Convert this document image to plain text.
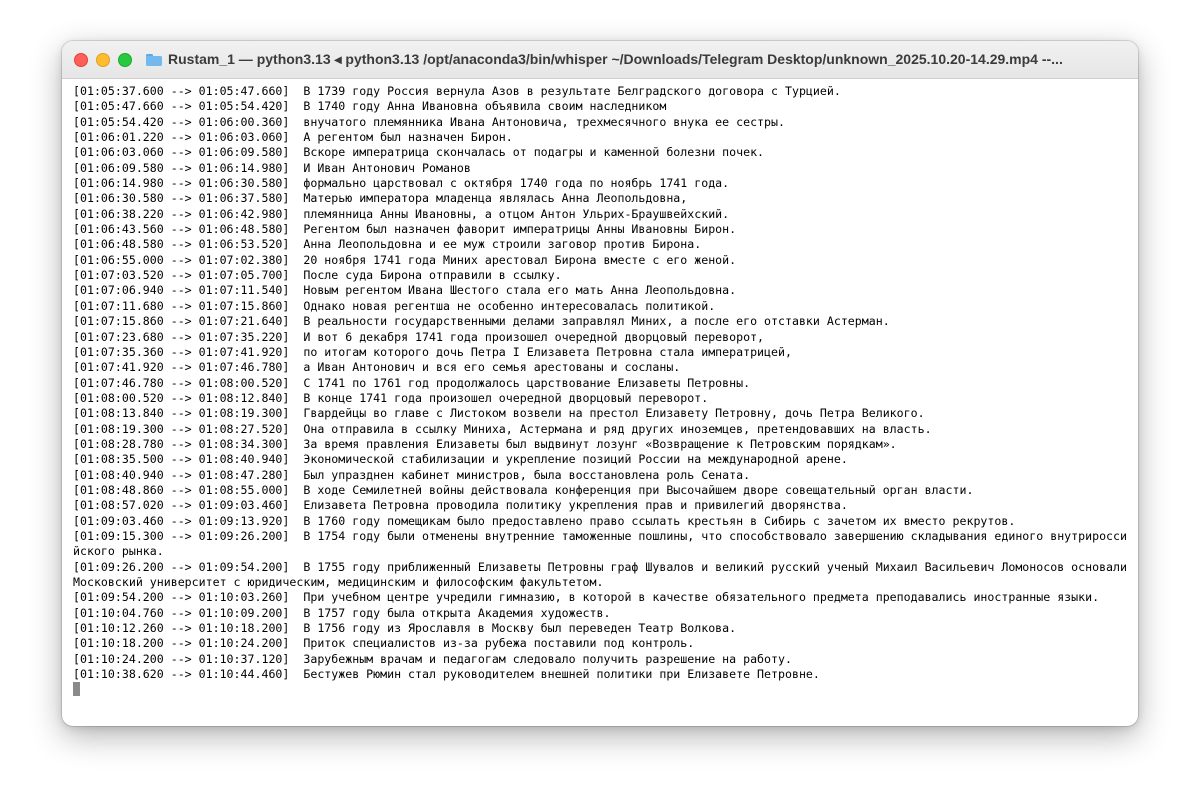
Rustam_1 — python3.13 ◂ python3.13 /opt/anaconda3/bin/whisper ~/Downloads/Telegram Desktop/unknown_2025.10.20-14.29.mp4 --...
[01:05:37.600 --> 01:05:47.660] В 1739 году Россия вернула Азов в результате Белградского договора с Турцией.
[01:05:47.660 --> 01:05:54.420] В 1740 году Анна Ивановна объявила своим наследником
[01:05:54.420 --> 01:06:00.360] внучатого племянника Ивана Антоновича, трехмесячного внука ее сестры.
[01:06:01.220 --> 01:06:03.060] А регентом был назначен Бирон.
[01:06:03.060 --> 01:06:09.580] Вскоре императрица скончалась от подагры и каменной болезни почек.
[01:06:09.580 --> 01:06:14.980] И Иван Антонович Романов
[01:06:14.980 --> 01:06:30.580] формально царствовал с октября 1740 года по ноябрь 1741 года.
[01:06:30.580 --> 01:06:37.580] Матерью императора младенца являлась Анна Леопольдовна,
[01:06:38.220 --> 01:06:42.980] племянница Анны Ивановны, а отцом Антон Ульрих-Браушвейхский.
[01:06:43.560 --> 01:06:48.580] Регентом был назначен фаворит императрицы Анны Ивановны Бирон.
[01:06:48.580 --> 01:06:53.520] Анна Леопольдовна и ее муж строили заговор против Бирона.
[01:06:55.000 --> 01:07:02.380] 20 ноября 1741 года Миних арестовал Бирона вместе с его женой.
[01:07:03.520 --> 01:07:05.700] После суда Бирона отправили в ссылку.
[01:07:06.940 --> 01:07:11.540] Новым регентом Ивана Шестого стала его мать Анна Леопольдовна.
[01:07:11.680 --> 01:07:15.860] Однако новая регентша не особенно интересовалась политикой.
[01:07:15.860 --> 01:07:21.640] В реальности государственными делами заправлял Миних, а после его отставки Астерман.
[01:07:23.680 --> 01:07:35.220] И вот 6 декабря 1741 года произошел очередной дворцовый переворот,
[01:07:35.360 --> 01:07:41.920] по итогам которого дочь Петра I Елизавета Петровна стала императрицей,
[01:07:41.920 --> 01:07:46.780] а Иван Антонович и вся его семья арестованы и сосланы.
[01:07:46.780 --> 01:08:00.520] С 1741 по 1761 год продолжалось царствование Елизаветы Петровны.
[01:08:00.520 --> 01:08:12.840] В конце 1741 года произошел очередной дворцовый переворот.
[01:08:13.840 --> 01:08:19.300] Гвардейцы во главе с Листоком возвели на престол Елизавету Петровну, дочь Петра Великого.
[01:08:19.300 --> 01:08:27.520] Она отправила в ссылку Миниха, Астермана и ряд других иноземцев, претендовавших на власть.
[01:08:28.780 --> 01:08:34.300] За время правления Елизаветы был выдвинут лозунг «Возвращение к Петровским порядкам».
[01:08:35.500 --> 01:08:40.940] Экономической стабилизации и укрепление позиций России на международной арене.
[01:08:40.940 --> 01:08:47.280] Был упразднен кабинет министров, была восстановлена роль Сената.
[01:08:48.860 --> 01:08:55.000] В ходе Семилетней войны действовала конференция при Высочайшем дворе совещательный орган власти.
[01:08:57.020 --> 01:09:03.460] Елизавета Петровна проводила политику укрепления прав и привилегий дворянства.
[01:09:03.460 --> 01:09:13.920] В 1760 году помещикам было предоставлено право ссылать крестьян в Сибирь с зачетом их вместо рекрутов.
[01:09:15.300 --> 01:09:26.200] В 1754 году были отменены внутренние таможенные пошлины, что способствовало завершению складывания единого внутрироссийского рынка.
[01:09:26.200 --> 01:09:54.200] В 1755 году приближенный Елизаветы Петровны граф Шувалов и великий русский ученый Михаил Васильевич Ломоносов основали Московский университет с юридическим, медицинским и философским факультетом.
[01:09:54.200 --> 01:10:03.260] При учебном центре учредили гимназию, в которой в качестве обязательного предмета преподавались иностранные языки.
[01:10:04.760 --> 01:10:09.200] В 1757 году была открыта Академия художеств.
[01:10:12.260 --> 01:10:18.200] В 1756 году из Ярославля в Москву был переведен Театр Волкова.
[01:10:18.200 --> 01:10:24.200] Приток специалистов из-за рубежа поставили под контроль.
[01:10:24.200 --> 01:10:37.120] Зарубежным врачам и педагогам следовало получить разрешение на работу.
[01:10:38.620 --> 01:10:44.460] Бестужев Рюмин стал руководителем внешней политики при Елизавете Петровне.
